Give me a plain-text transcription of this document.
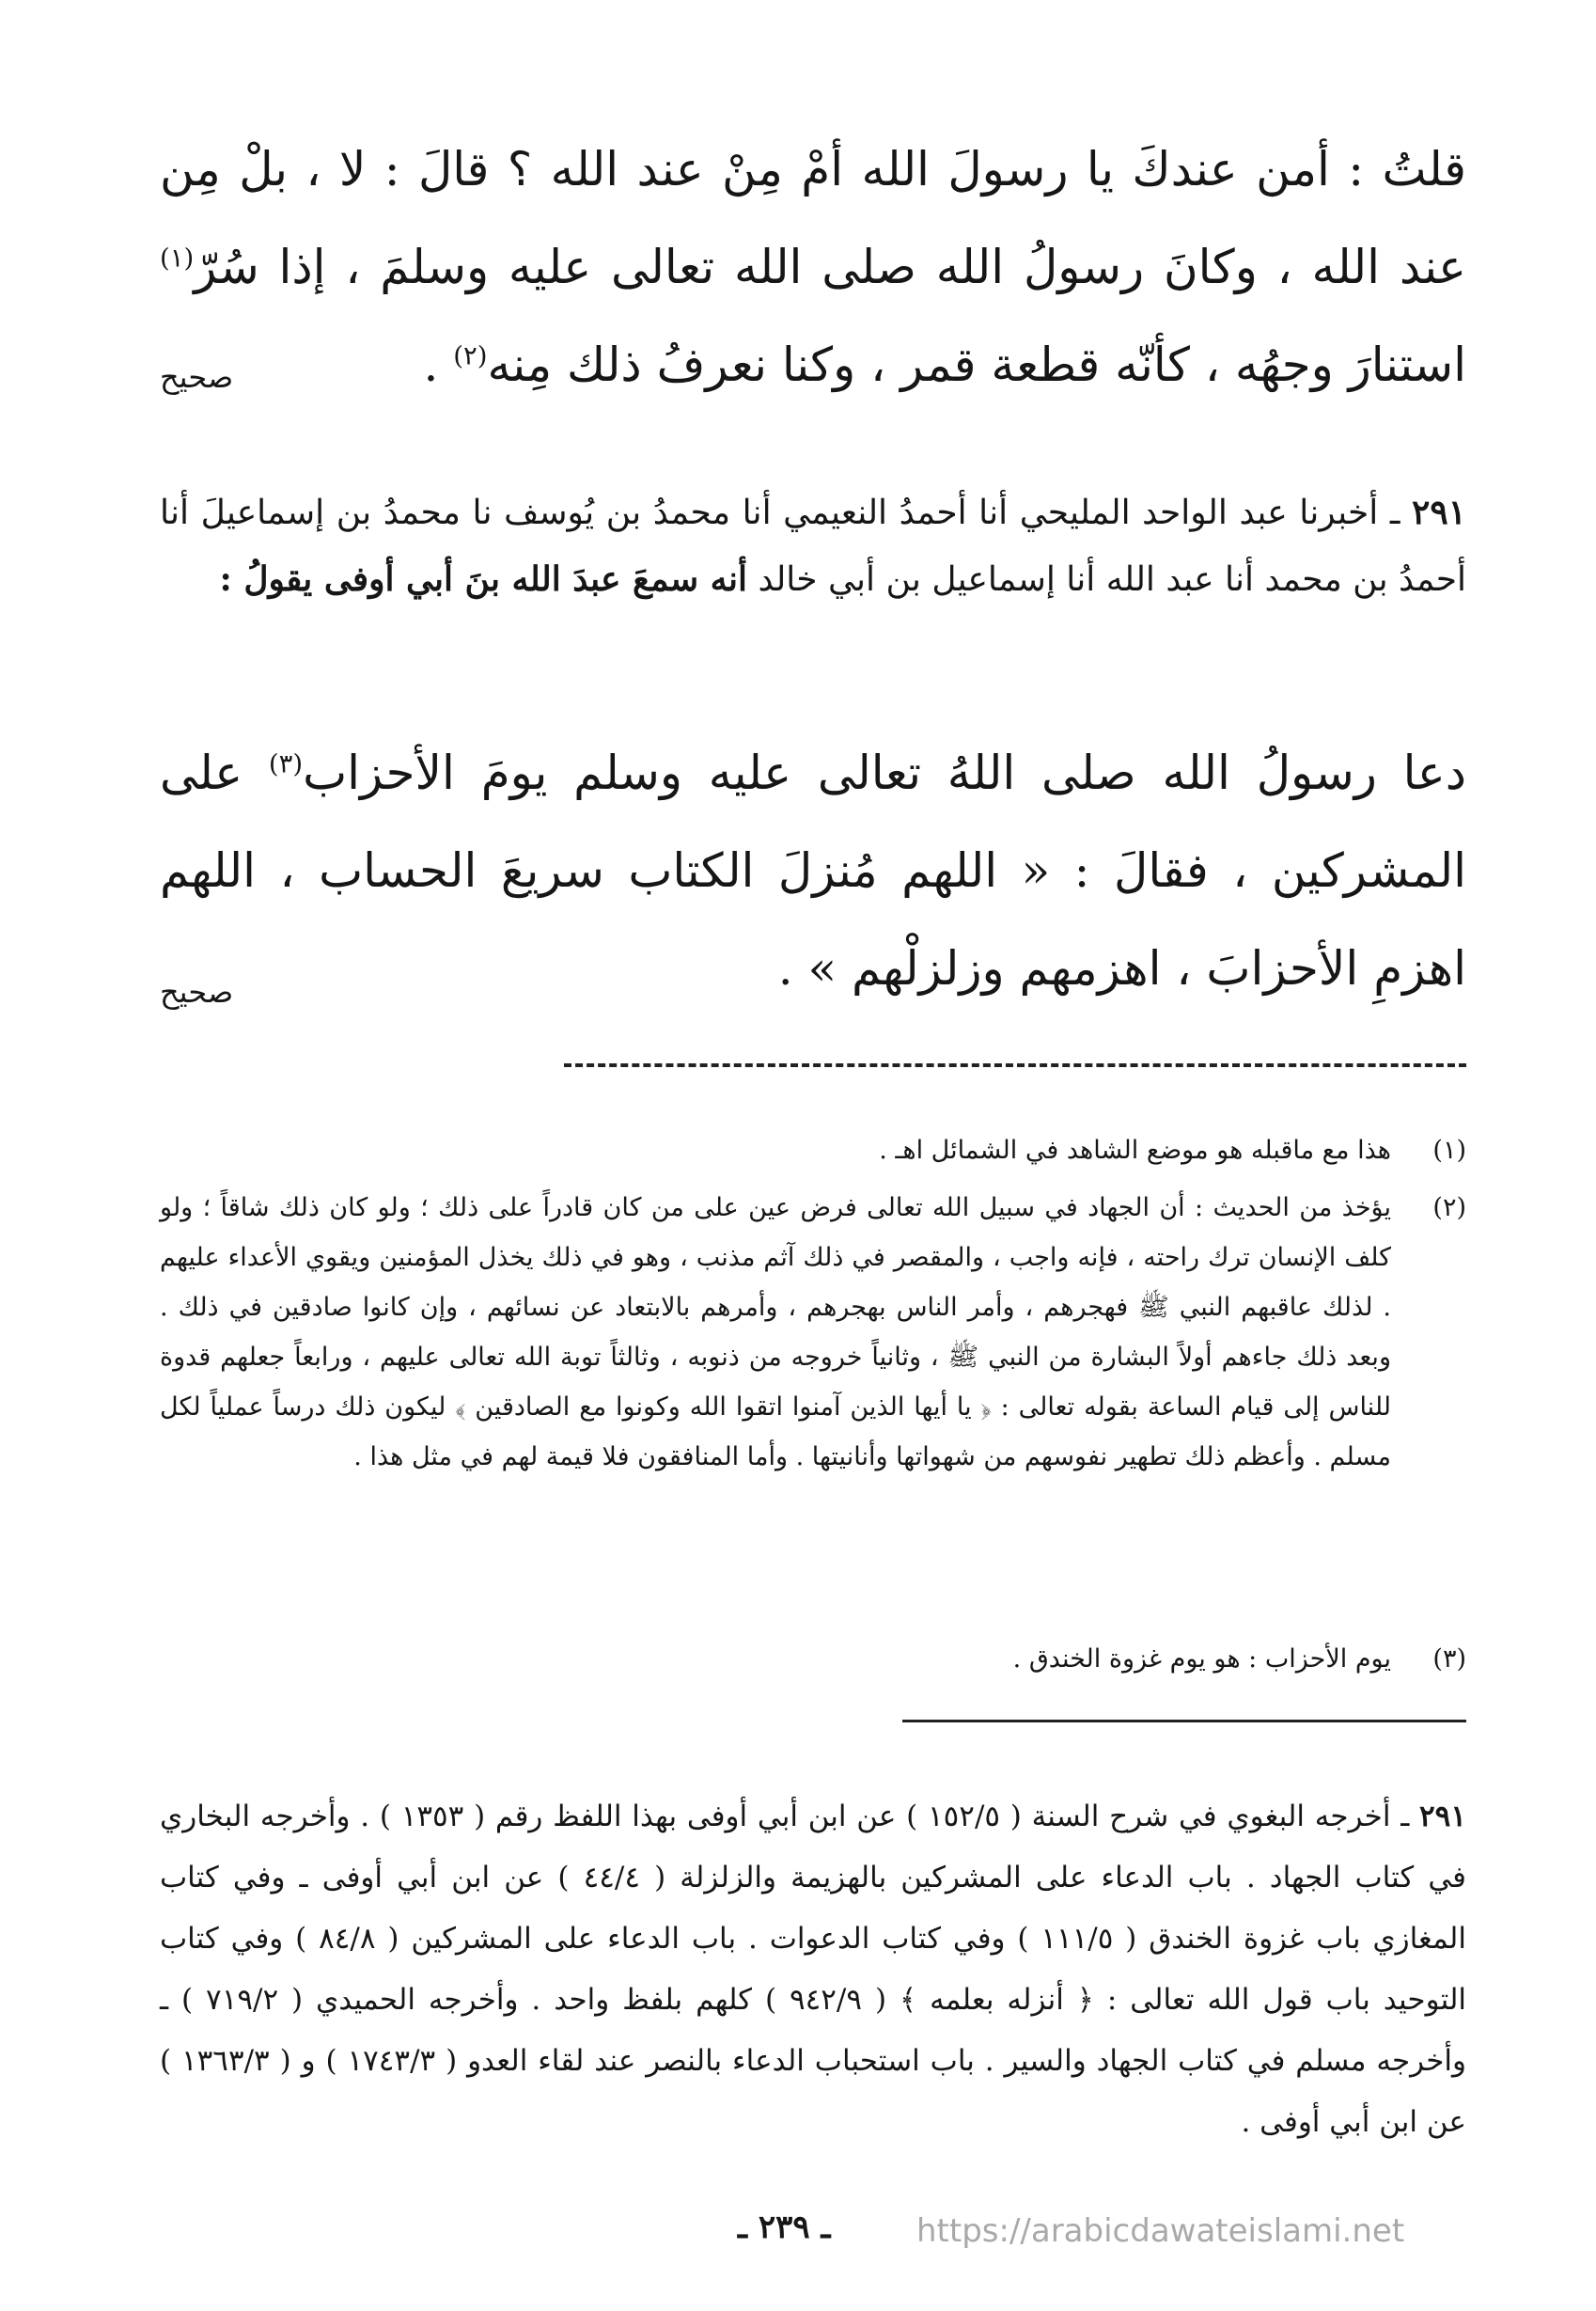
قلتُ : أمن عندكَ يا رسولَ الله أمْ مِنْ عند الله ؟ قالَ : لا ، بلْ مِن عند الله ، وكانَ رسولُ الله صلى الله تعالى عليه وسلمَ ، إذا سُرّ$^{(١)}$ استنارَ وجهُه ، كأنّه قطعة قمر ، وكنا نعرفُ ذلك مِنه$^{(٢)}$ .

صحيح

٢٩١ ـ أخبرنا عبد الواحد المليحي أنا أحمدُ النعيمي أنا محمدُ بن يُوسف نا محمدُ بن إسماعيلَ أنا أحمدُ بن محمد أنا عبد الله أنا إسماعيل بن أبي خالد أنه سمعَ عبدَ الله بنَ أبي أوفى يقولُ :

دعا رسولُ الله صلى اللهُ تعالى عليه وسلم يومَ الأحزاب$^{(٣)}$ على المشركين ، فقالَ : « اللهم مُنزلَ الكتاب سريعَ الحساب ، اللهم اهزمِ الأحزابَ ، اهزمهم وزلزلْهم » .

صحيح
(١)
هذا مع ماقبله هو موضع الشاهد في الشمائل اهـ .
(٢)
يؤخذ من الحديث : أن الجهاد في سبيل الله تعالى فرض عين على من كان قادراً على ذلك ؛ ولو كان ذلك شاقاً ؛ ولو كلف الإنسان ترك راحته ، فإنه واجب ، والمقصر في ذلك آثم مذنب ، وهو في ذلك يخذل المؤمنين ويقوي الأعداء عليهم . لذلك عاقبهم النبي ﷺ فهجرهم ، وأمر الناس بهجرهم ، وأمرهم بالابتعاد عن نسائهم ، وإن كانوا صادقين في ذلك . وبعد ذلك جاءهم أولاً البشارة من النبي ﷺ ، وثانياً خروجه من ذنوبه ، وثالثاً توبة الله تعالى عليهم ، ورابعاً جعلهم قدوة للناس إلى قيام الساعة بقوله تعالى : ﴿ يا أيها الذين آمنوا اتقوا الله وكونوا مع الصادقين ﴾ ليكون ذلك درساً عملياً لكل مسلم . وأعظم ذلك تطهير نفوسهم من شهواتها وأنانيتها . وأما المنافقون فلا قيمة لهم في مثل هذا .
(٣)
يوم الأحزاب : هو يوم غزوة الخندق .

٢٩١ ـ أخرجه البغوي في شرح السنة ( ١٥٢/٥ ) عن ابن أبي أوفى بهذا اللفظ رقم ( ١٣٥٣ ) . وأخرجه البخاري في كتاب الجهاد . باب الدعاء على المشركين بالهزيمة والزلزلة ( ٤٤/٤ ) عن ابن أبي أوفى ـ وفي كتاب المغازي باب غزوة الخندق ( ١١١/٥ ) وفي كتاب الدعوات . باب الدعاء على المشركين ( ٨٤/٨ ) وفي كتاب التوحيد باب قول الله تعالى : ﴿ أنزله بعلمه ﴾ ( ٩٤٢/٩ ) كلهم بلفظ واحد . وأخرجه الحميدي ( ٧١٩/٢ ) ـ وأخرجه مسلم في كتاب الجهاد والسير . باب استحباب الدعاء بالنصر عند لقاء العدو ( ١٧٤٣/٣ ) و ( ١٣٦٣/٣ ) عن ابن أبي أوفى .

ـ ٢٣٩ ـ	https://arabicdawateislami.net
